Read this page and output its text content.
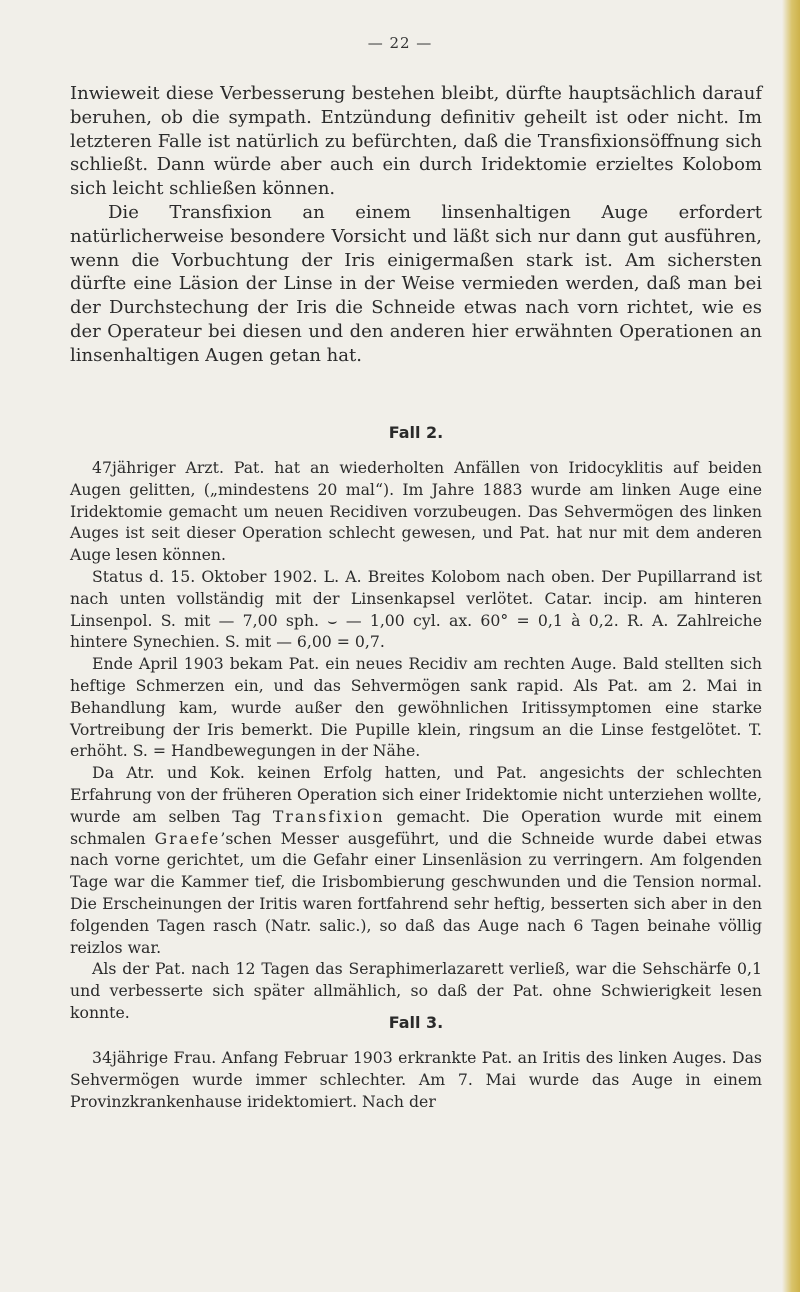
— 22 —

Inwieweit diese Verbesserung bestehen bleibt, dürfte hauptsächlich darauf beruhen, ob die sympath. Entzündung definitiv geheilt ist oder nicht. Im letzteren Falle ist natürlich zu befürchten, daß die Transfixionsöffnung sich schließt. Dann würde aber auch ein durch Iridektomie erzieltes Kolobom sich leicht schließen können.

Die Transfixion an einem linsenhaltigen Auge erfordert natürlicherweise besondere Vorsicht und läßt sich nur dann gut ausführen, wenn die Vorbuchtung der Iris einigermaßen stark ist. Am sichersten dürfte eine Läsion der Linse in der Weise vermieden werden, daß man bei der Durchstechung der Iris die Schneide etwas nach vorn richtet, wie es der Operateur bei diesen und den anderen hier erwähnten Operationen an linsenhaltigen Augen getan hat.

Fall 2.

47jähriger Arzt. Pat. hat an wiederholten Anfällen von Iridocyklitis auf beiden Augen gelitten, („mindestens 20 mal“). Im Jahre 1883 wurde am linken Auge eine Iridektomie gemacht um neuen Recidiven vorzubeugen. Das Sehvermögen des linken Auges ist seit dieser Operation schlecht gewesen, und Pat. hat nur mit dem anderen Auge lesen können.

Status d. 15. Oktober 1902. L. A. Breites Kolobom nach oben. Der Pupillarrand ist nach unten vollständig mit der Linsenkapsel verlötet. Catar. incip. am hinteren Linsenpol. S. mit — 7,00 sph. ⌣ — 1,00 cyl. ax. 60° = 0,1 à 0,2. R. A. Zahlreiche hintere Synechien. S. mit — 6,00 = 0,7.

Ende April 1903 bekam Pat. ein neues Recidiv am rechten Auge. Bald stellten sich heftige Schmerzen ein, und das Sehvermögen sank rapid. Als Pat. am 2. Mai in Behandlung kam, wurde außer den gewöhnlichen Iritissymptomen eine starke Vortreibung der Iris bemerkt. Die Pupille klein, ringsum an die Linse festgelötet. T. erhöht. S. = Handbewegungen in der Nähe.

Da Atr. und Kok. keinen Erfolg hatten, und Pat. angesichts der schlechten Erfahrung von der früheren Operation sich einer Iridektomie nicht unterziehen wollte, wurde am selben Tag Transfixion gemacht. Die Operation wurde mit einem schmalen Graefe’schen Messer ausgeführt, und die Schneide wurde dabei etwas nach vorne gerichtet, um die Gefahr einer Linsenläsion zu verringern. Am folgenden Tage war die Kammer tief, die Irisbombierung geschwunden und die Tension normal. Die Erscheinungen der Iritis waren fortfahrend sehr heftig, besserten sich aber in den folgenden Tagen rasch (Natr. salic.), so daß das Auge nach 6 Tagen beinahe völlig reizlos war.

Als der Pat. nach 12 Tagen das Seraphimerlazarett verließ, war die Sehschärfe 0,1 und verbesserte sich später allmählich, so daß der Pat. ohne Schwierigkeit lesen konnte.

Fall 3.

34jährige Frau. Anfang Februar 1903 erkrankte Pat. an Iritis des linken Auges. Das Sehvermögen wurde immer schlechter. Am 7. Mai wurde das Auge in einem Provinzkrankenhause iridektomiert. Nach der
